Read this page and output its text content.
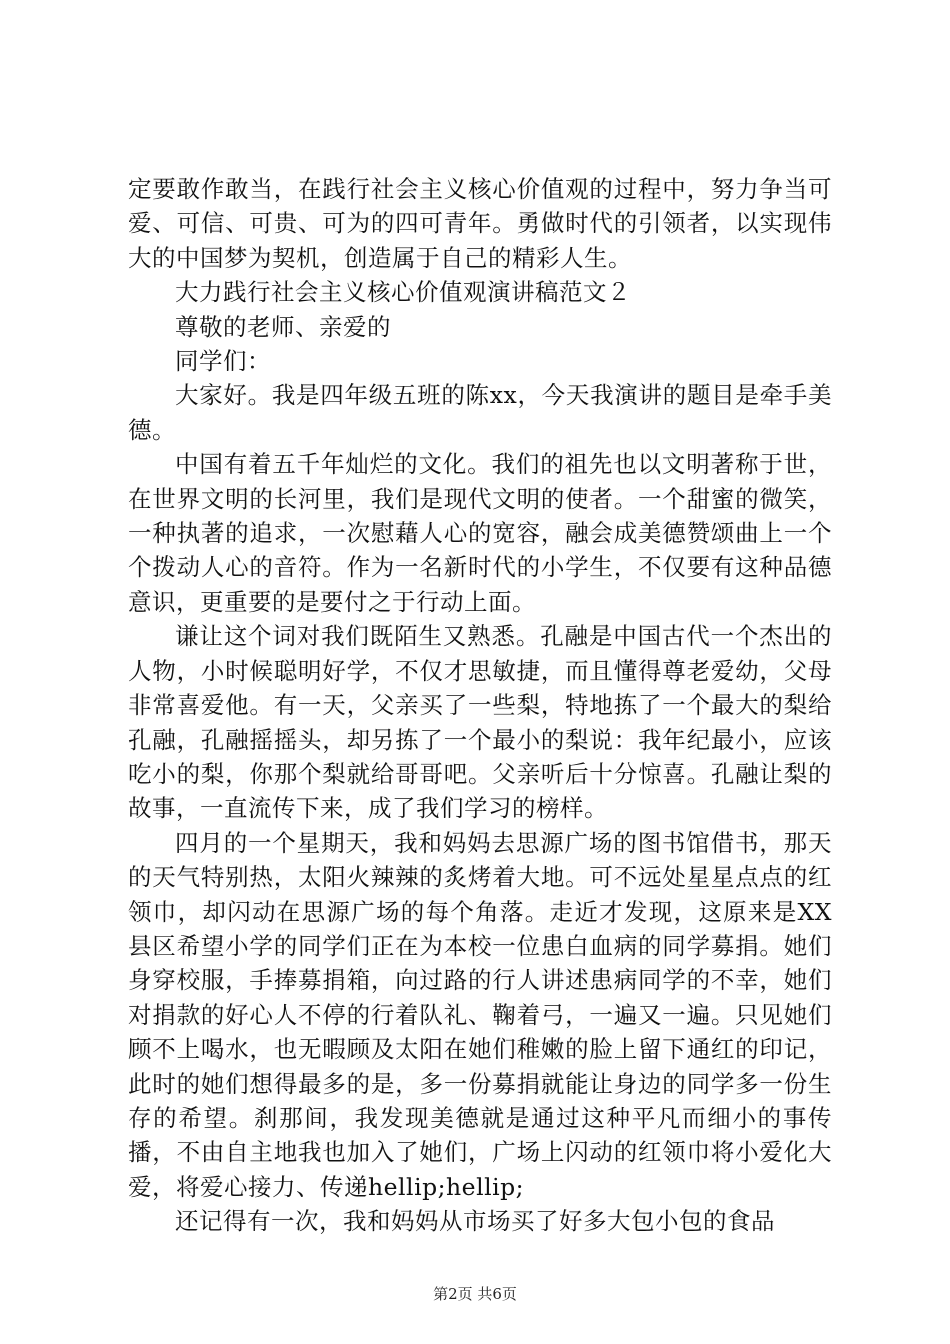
定要敢作敢当，在践行社会主义核心价值观的过程中，努力争当可爱、可信、可贵、可为的四可青年。勇做时代的引领者，以实现伟大的中国梦为契机，创造属于自己的精彩人生。

大力践行社会主义核心价值观演讲稿范文２

尊敬的老师、亲爱的

同学们：

大家好。我是四年级五班的陈xx，今天我演讲的题目是牵手美德。

中国有着五千年灿烂的文化。我们的祖先也以文明著称于世，在世界文明的长河里，我们是现代文明的使者。一个甜蜜的微笑，一种执著的追求，一次慰藉人心的宽容，融会成美德赞颂曲上一个个拨动人心的音符。作为一名新时代的小学生，不仅要有这种品德意识，更重要的是要付之于行动上面。

谦让这个词对我们既陌生又熟悉。孔融是中国古代一个杰出的人物，小时候聪明好学，不仅才思敏捷，而且懂得尊老爱幼，父母非常喜爱他。有一天，父亲买了一些梨，特地拣了一个最大的梨给孔融，孔融摇摇头，却另拣了一个最小的梨说：我年纪最小，应该吃小的梨，你那个梨就给哥哥吧。父亲听后十分惊喜。孔融让梨的故事，一直流传下来，成了我们学习的榜样。

四月的一个星期天，我和妈妈去思源广场的图书馆借书，那天的天气特别热，太阳火辣辣的炙烤着大地。可不远处星星点点的红领巾，却闪动在思源广场的每个角落。走近才发现，这原来是XX县区希望小学的同学们正在为本校一位患白血病的同学募捐。她们身穿校服，手捧募捐箱，向过路的行人讲述患病同学的不幸，她们对捐款的好心人不停的行着队礼、鞠着弓，一遍又一遍。只见她们顾不上喝水，也无暇顾及太阳在她们稚嫩的脸上留下通红的印记，此时的她们想得最多的是，多一份募捐就能让身边的同学多一份生存的希望。刹那间，我发现美德就是通过这种平凡而细小的事传播，不由自主地我也加入了她们，广场上闪动的红领巾将小爱化大爱，将爱心接力、传递hellip;hellip;

还记得有一次，我和妈妈从市场买了好多大包小包的食品

第2页 共6页
